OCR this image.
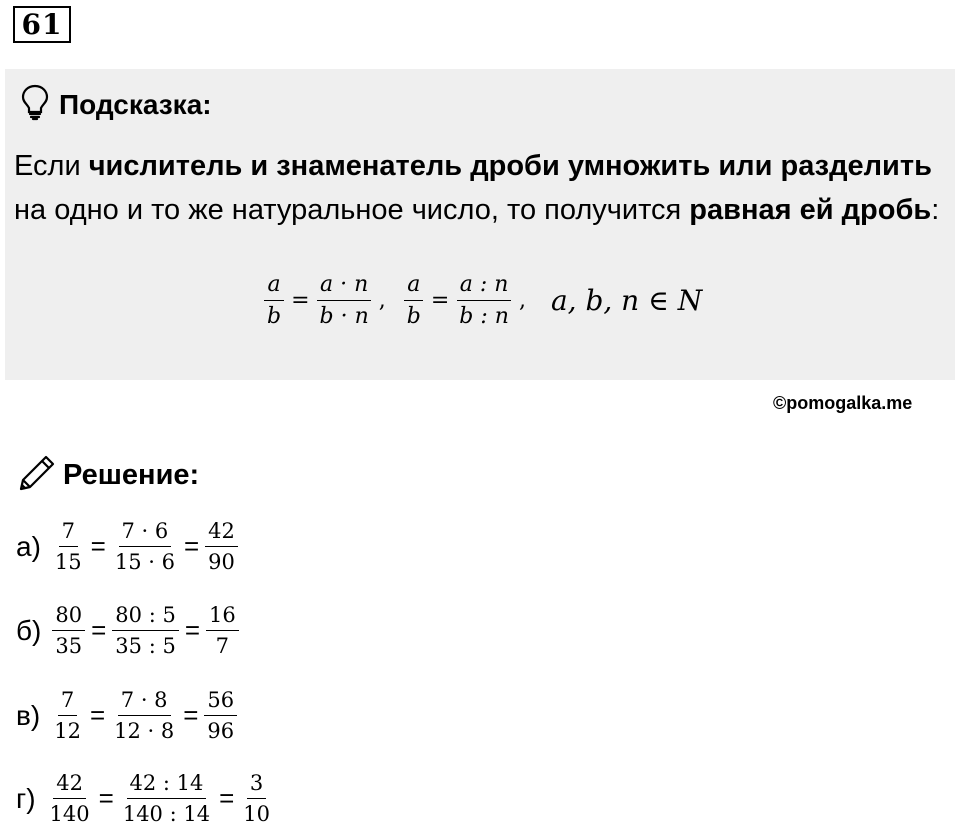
61
Подсказка:
Если числитель и знаменатель дроби умножить или разделить на одно и то же натуральное число, то получится равная ей дробь:
$\frac{a}{b} = \frac{a \cdot n}{b \cdot n}$ , $\frac{a}{b} = \frac{a : n}{b : n}$ , a, b, n ∈ N
©pomogalka.me
Решение:
$а) \frac{7}{15} = \frac{7 \cdot 6}{15 \cdot 6} = \frac{42}{90}$
$б) \frac{80}{35} = \frac{80 : 5}{35 : 5} = \frac{16}{7}$
$в) \frac{7}{12} = \frac{7 \cdot 8}{12 \cdot 8} = \frac{56}{96}$
$г) \frac{42}{140} = \frac{42 : 14}{140 : 14} = \frac{3}{10}$
